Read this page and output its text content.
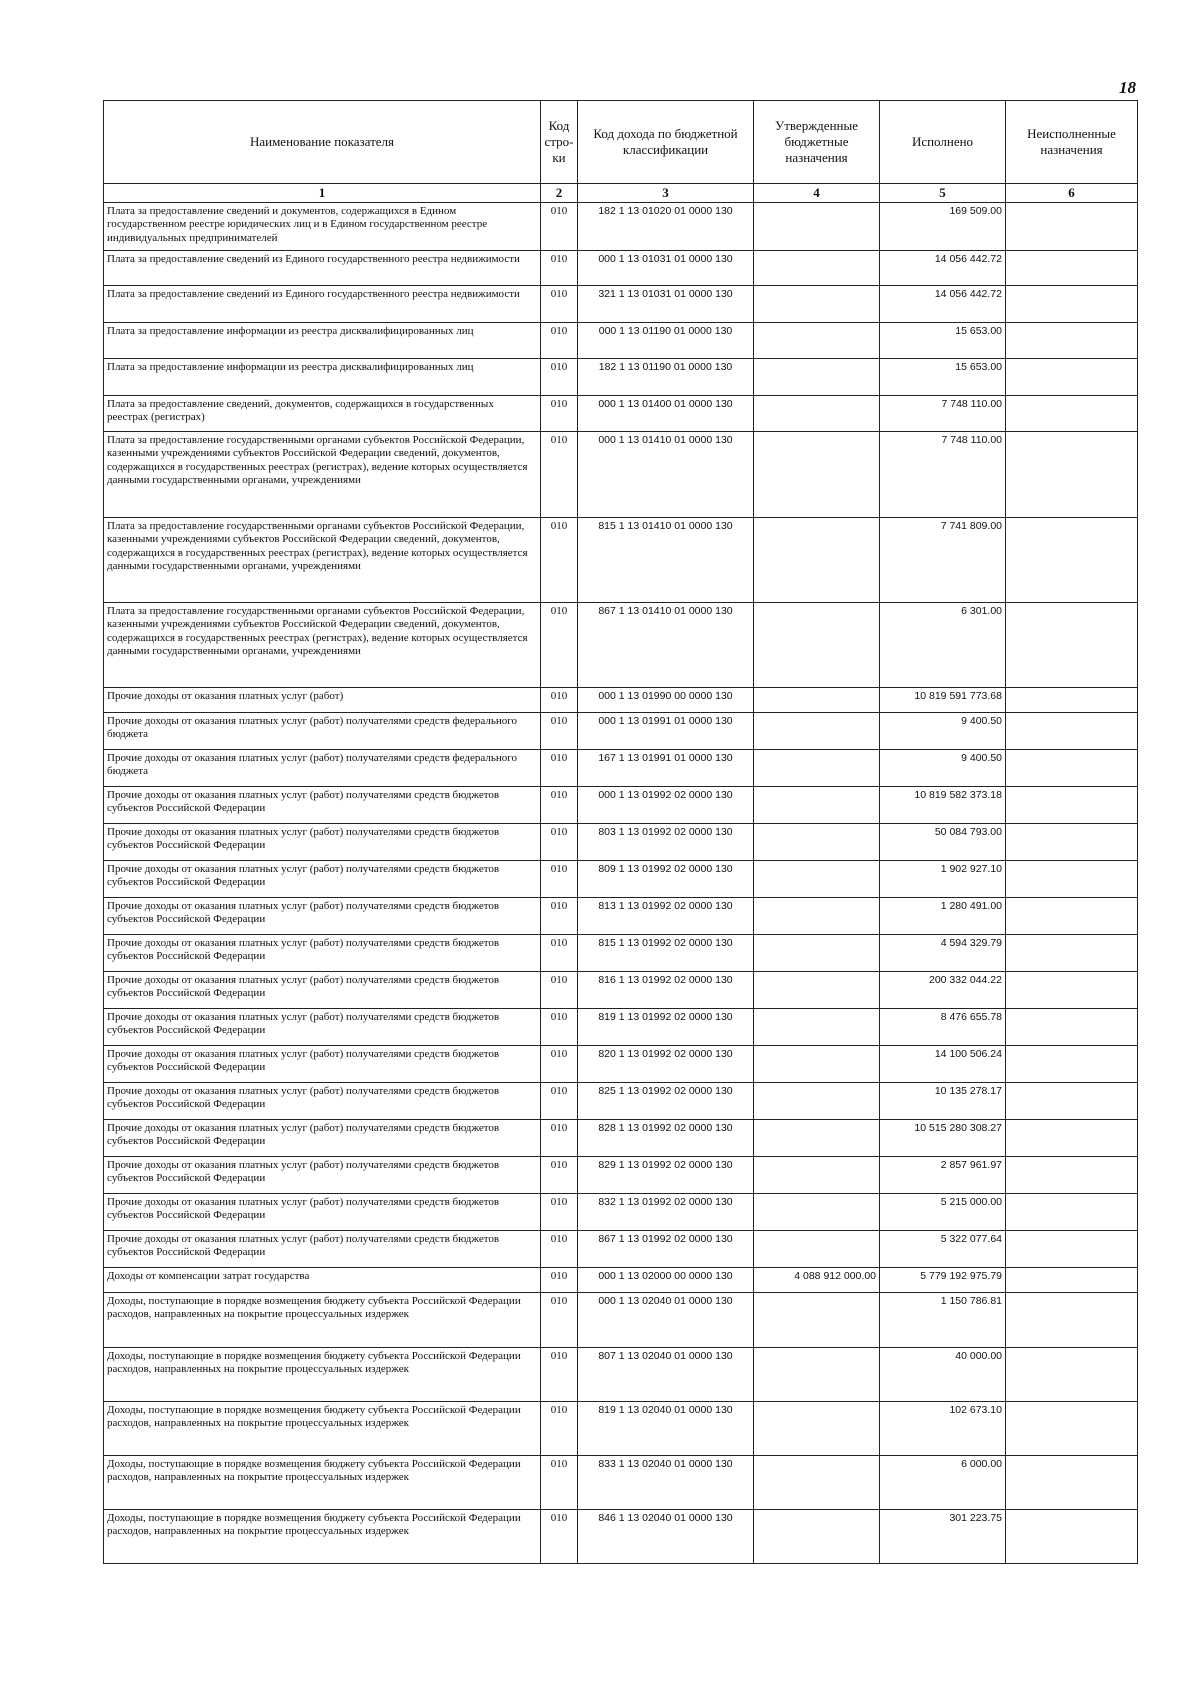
18
Наименование показателя	Код стро-ки	Код дохода по бюджетной классификации	Утвержденные бюджетные назначения	Исполнено	Неисполненные назначения
1	2	3	4	5	6
Плата за предоставление сведений и документов, содержащихся в Едином государственном реестре юридических лиц и в Едином государственном реестре индивидуальных предпринимателей	010	182 1 13 01020 01 0000 130		169 509.00	
Плата за предоставление сведений из Единого государственного реестра недвижимости	010	000 1 13 01031 01 0000 130		14 056 442.72	
Плата за предоставление сведений из Единого государственного реестра недвижимости	010	321 1 13 01031 01 0000 130		14 056 442.72	
Плата за предоставление информации из реестра дисквалифицированных лиц	010	000 1 13 01190 01 0000 130		15 653.00	
Плата за предоставление информации из реестра дисквалифицированных лиц	010	182 1 13 01190 01 0000 130		15 653.00	
Плата за предоставление сведений, документов, содержащихся в государственных реестрах (регистрах)	010	000 1 13 01400 01 0000 130		7 748 110.00	
Плата за предоставление государственными органами субъектов Российской Федерации, казенными учреждениями субъектов Российской Федерации сведений, документов, содержащихся в государственных реестрах (регистрах), ведение которых осуществляется данными государственными органами, учреждениями	010	000 1 13 01410 01 0000 130		7 748 110.00	
Плата за предоставление государственными органами субъектов Российской Федерации, казенными учреждениями субъектов Российской Федерации сведений, документов, содержащихся в государственных реестрах (регистрах), ведение которых осуществляется данными государственными органами, учреждениями	010	815 1 13 01410 01 0000 130		7 741 809.00	
Плата за предоставление государственными органами субъектов Российской Федерации, казенными учреждениями субъектов Российской Федерации сведений, документов, содержащихся в государственных реестрах (регистрах), ведение которых осуществляется данными государственными органами, учреждениями	010	867 1 13 01410 01 0000 130		6 301.00	
Прочие доходы от оказания платных услуг (работ)	010	000 1 13 01990 00 0000 130		10 819 591 773.68	
Прочие доходы от оказания платных услуг (работ) получателями средств федерального бюджета	010	000 1 13 01991 01 0000 130		9 400.50	
Прочие доходы от оказания платных услуг (работ) получателями средств федерального бюджета	010	167 1 13 01991 01 0000 130		9 400.50	
Прочие доходы от оказания платных услуг (работ) получателями средств бюджетов субъектов Российской Федерации	010	000 1 13 01992 02 0000 130		10 819 582 373.18	
Прочие доходы от оказания платных услуг (работ) получателями средств бюджетов субъектов Российской Федерации	010	803 1 13 01992 02 0000 130		50 084 793.00	
Прочие доходы от оказания платных услуг (работ) получателями средств бюджетов субъектов Российской Федерации	010	809 1 13 01992 02 0000 130		1 902 927.10	
Прочие доходы от оказания платных услуг (работ) получателями средств бюджетов субъектов Российской Федерации	010	813 1 13 01992 02 0000 130		1 280 491.00	
Прочие доходы от оказания платных услуг (работ) получателями средств бюджетов субъектов Российской Федерации	010	815 1 13 01992 02 0000 130		4 594 329.79	
Прочие доходы от оказания платных услуг (работ) получателями средств бюджетов субъектов Российской Федерации	010	816 1 13 01992 02 0000 130		200 332 044.22	
Прочие доходы от оказания платных услуг (работ) получателями средств бюджетов субъектов Российской Федерации	010	819 1 13 01992 02 0000 130		8 476 655.78	
Прочие доходы от оказания платных услуг (работ) получателями средств бюджетов субъектов Российской Федерации	010	820 1 13 01992 02 0000 130		14 100 506.24	
Прочие доходы от оказания платных услуг (работ) получателями средств бюджетов субъектов Российской Федерации	010	825 1 13 01992 02 0000 130		10 135 278.17	
Прочие доходы от оказания платных услуг (работ) получателями средств бюджетов субъектов Российской Федерации	010	828 1 13 01992 02 0000 130		10 515 280 308.27	
Прочие доходы от оказания платных услуг (работ) получателями средств бюджетов субъектов Российской Федерации	010	829 1 13 01992 02 0000 130		2 857 961.97	
Прочие доходы от оказания платных услуг (работ) получателями средств бюджетов субъектов Российской Федерации	010	832 1 13 01992 02 0000 130		5 215 000.00	
Прочие доходы от оказания платных услуг (работ) получателями средств бюджетов субъектов Российской Федерации	010	867 1 13 01992 02 0000 130		5 322 077.64	
Доходы от компенсации затрат государства	010	000 1 13 02000 00 0000 130	4 088 912 000.00	5 779 192 975.79	
Доходы, поступающие в порядке возмещения бюджету субъекта Российской Федерации расходов, направленных на покрытие процессуальных издержек	010	000 1 13 02040 01 0000 130		1 150 786.81	
Доходы, поступающие в порядке возмещения бюджету субъекта Российской Федерации расходов, направленных на покрытие процессуальных издержек	010	807 1 13 02040 01 0000 130		40 000.00	
Доходы, поступающие в порядке возмещения бюджету субъекта Российской Федерации расходов, направленных на покрытие процессуальных издержек	010	819 1 13 02040 01 0000 130		102 673.10	
Доходы, поступающие в порядке возмещения бюджету субъекта Российской Федерации расходов, направленных на покрытие процессуальных издержек	010	833 1 13 02040 01 0000 130		6 000.00	
Доходы, поступающие в порядке возмещения бюджету субъекта Российской Федерации расходов, направленных на покрытие процессуальных издержек	010	846 1 13 02040 01 0000 130		301 223.75	
